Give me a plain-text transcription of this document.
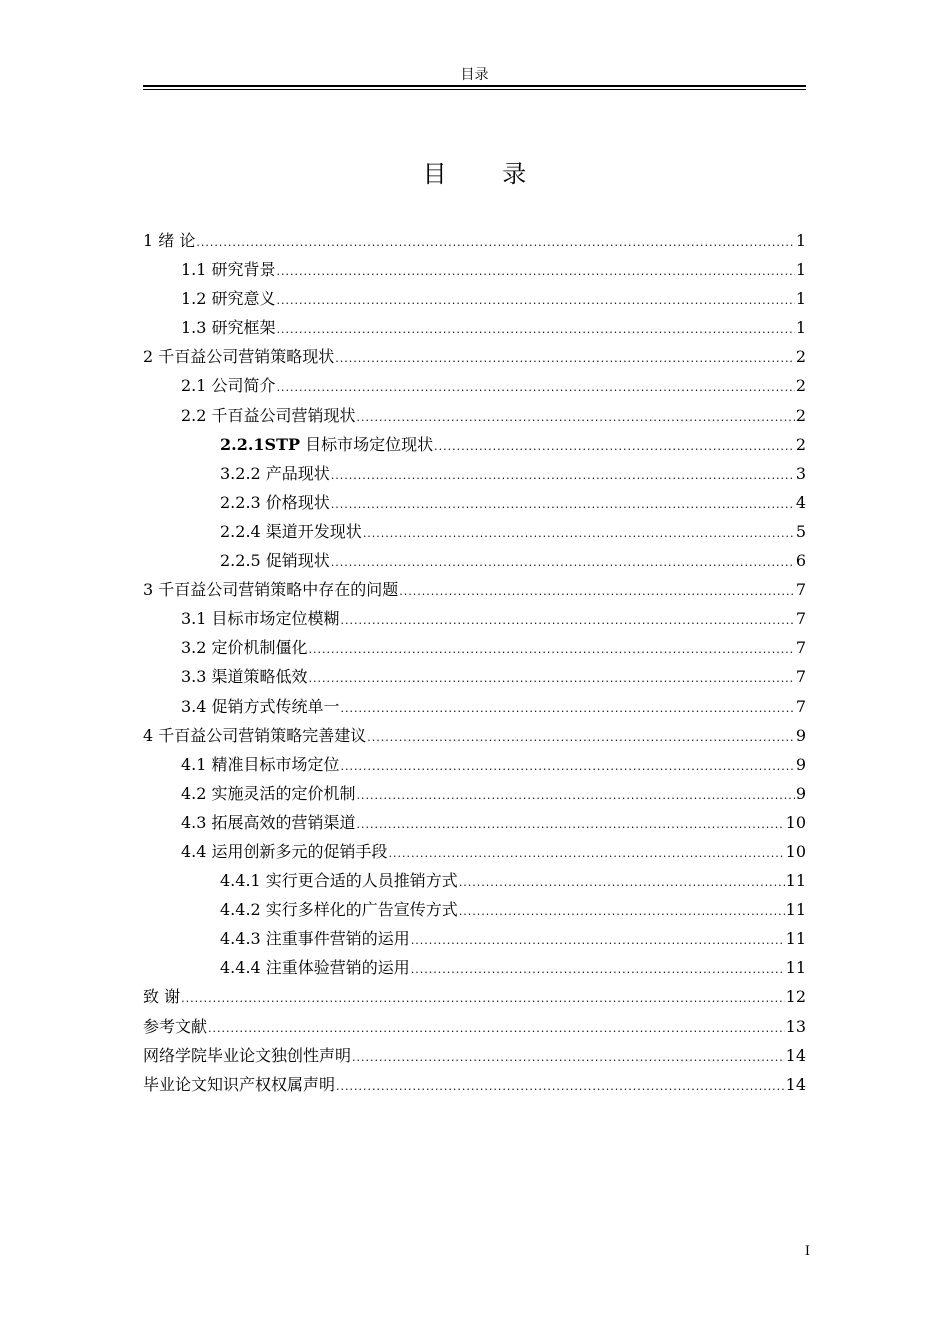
目录
目 录
1 绪 论 .....	1
1.1 研究背景 .....	1
1.2 研究意义 .....	1
1.3 研究框架 .....	1
2 千百益公司营销策略现状 .....	2
2.1 公司简介 .....	2
2.2 千百益公司营销现状 .....	2
2.2.1STP 目标市场定位现状 .....	2
3.2.2 产品现状 .....	3
2.2.3 价格现状 .....	4
2.2.4 渠道开发现状 .....	5
2.2.5 促销现状 .....	6
3 千百益公司营销策略中存在的问题 .....	7
3.1 目标市场定位模糊 .....	7
3.2 定价机制僵化 .....	7
3.3 渠道策略低效 .....	7
3.4 促销方式传统单一 .....	7
4 千百益公司营销策略完善建议 .....	9
4.1 精准目标市场定位 .....	9
4.2 实施灵活的定价机制 .....	9
4.3 拓展高效的营销渠道 .....	10
4.4 运用创新多元的促销手段 .....	10
4.4.1 实行更合适的人员推销方式 .....	11
4.4.2 实行多样化的广告宣传方式 .....	11
4.4.3 注重事件营销的运用 .....	11
4.4.4 注重体验营销的运用 .....	11
致 谢 .....	12
参考文献 .....	13
网络学院毕业论文独创性声明 .....	14
毕业论文知识产权权属声明 .....	14
I
